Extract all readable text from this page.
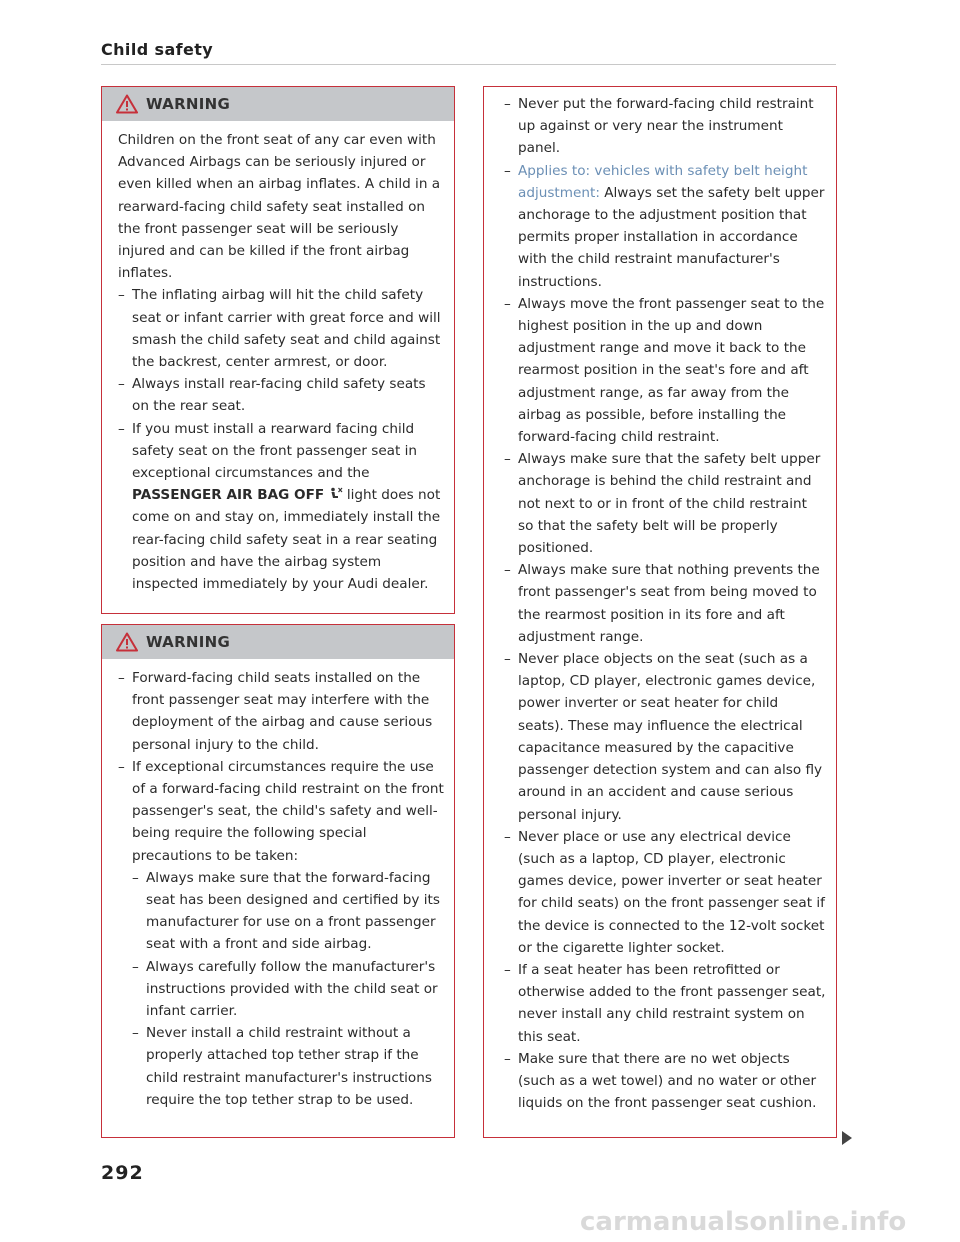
Child safety
WARNING

Children on the front seat of any car even with Advanced Airbags can be seriously injured or even killed when an airbag inflates. A child in a rearward-facing child safety seat installed on the front passenger seat will be seriously injured and can be killed if the front airbag inflates.

– The inflating airbag will hit the child safety seat or infant carrier with great force and will smash the child safety seat and child against the backrest, center armrest, or door.
– Always install rear-facing child safety seats on the rear seat.
– If you must install a rearward facing child safety seat on the front passenger seat in exceptional circumstances and the PASSENGER AIR BAG OFF  light does not come on and stay on, immediately install the rear-facing child safety seat in a rear seating position and have the airbag system inspected immediately by your Audi dealer.
WARNING
– Forward-facing child seats installed on the front passenger seat may interfere with the deployment of the airbag and cause serious personal injury to the child.
– If exceptional circumstances require the use of a forward-facing child restraint on the front passenger's seat, the child's safety and well-being require the following special precautions to be taken:
– Always make sure that the forward-facing seat has been designed and certified by its manufacturer for use on a front passenger seat with a front and side airbag.
– Always carefully follow the manufacturer's instructions provided with the child seat or infant carrier.
– Never install a child restraint without a properly attached top tether strap if the child restraint manufacturer's instructions require the top tether strap to be used.
– Never put the forward-facing child restraint up against or very near the instrument panel.
– Applies to: vehicles with safety belt height adjustment: Always set the safety belt upper anchorage to the adjustment position that permits proper installation in accordance with the child restraint manufacturer's instructions.
– Always move the front passenger seat to the highest position in the up and down adjustment range and move it back to the rearmost position in the seat's fore and aft adjustment range, as far away from the airbag as possible, before installing the forward-facing child restraint.
– Always make sure that the safety belt upper anchorage is behind the child restraint and not next to or in front of the child restraint so that the safety belt will be properly positioned.
– Always make sure that nothing prevents the front passenger's seat from being moved to the rearmost position in its fore and aft adjustment range.
– Never place objects on the seat (such as a laptop, CD player, electronic games device, power inverter or seat heater for child seats). These may influence the electrical capacitance measured by the capacitive passenger detection system and can also fly around in an accident and cause serious personal injury.
– Never place or use any electrical device (such as a laptop, CD player, electronic games device, power inverter or seat heater for child seats) on the front passenger seat if the device is connected to the 12-volt socket or the cigarette lighter socket.
– If a seat heater has been retrofitted or otherwise added to the front passenger seat, never install any child restraint system on this seat.
– Make sure that there are no wet objects (such as a wet towel) and no water or other liquids on the front passenger seat cushion.
292
carmanualsonline.info
